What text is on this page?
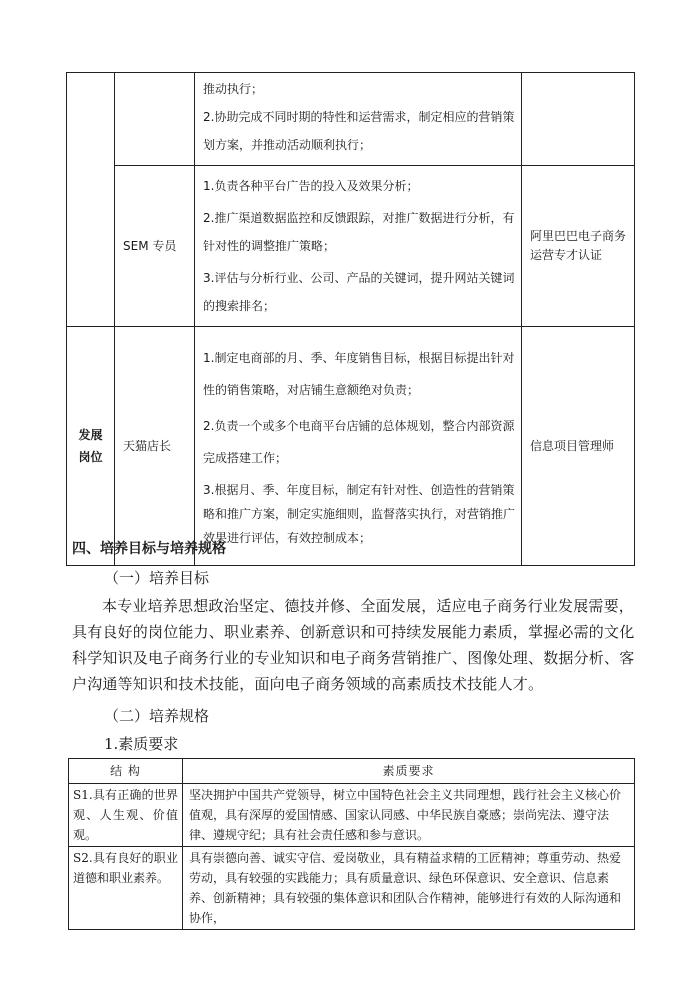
		推动执行；

2.协助完成不同时期的特性和运营需求，制定相应的营销策划方案，并推动活动顺利执行；	

	SEM 专员	1.负责各种平台广告的投入及效果分析；

2.推广渠道数据监控和反馈跟踪，对推广数据进行分析，有针对性的调整推广策略；

3.评估与分析行业、公司、产品的关键词，提升网站关键词的搜索排名；	阿里巴巴电子商务运营专才认证
发展岗位	天猫店长	1.制定电商部的月、季、年度销售目标，根据目标提出针对性的销售策略，对店铺生意额绝对负责；

2.负责一个或多个电商平台店铺的总体规划，整合内部资源完成搭建工作；

3.根据月、季、年度目标，制定有针对性、创造性的营销策略和推广方案，制定实施细则，监督落实执行，对营销推广效果进行评估，有效控制成本；	信息项目管理师
四、培养目标与培养规格
（一）培养目标

本专业培养思想政治坚定、德技并修、全面发展，适应电子商务行业发展需要，具有良好的岗位能力、职业素养、创新意识和可持续发展能力素质，掌握必需的文化科学知识及电子商务行业的专业知识和电子商务营销推广、图像处理、数据分析、客户沟通等知识和技术技能，面向电子商务领域的高素质技术技能人才。

（二）培养规格
1.素质要求
结 构	素质要求
S1.具有正确的世界观、人生观、价值观。	坚决拥护中国共产党领导，树立中国特色社会主义共同理想，践行社会主义核心价值观，具有深厚的爱国情感、国家认同感、中华民族自豪感；崇尚宪法、遵守法律、遵规守纪；具有社会责任感和参与意识。
S2.具有良好的职业道德和职业素养。	具有崇德向善、诚实守信、爱岗敬业，具有精益求精的工匠精神；尊重劳动、热爱劳动，具有较强的实践能力；具有质量意识、绿色环保意识、安全意识、信息素养、创新精神；具有较强的集体意识和团队合作精神，能够进行有效的人际沟通和协作，
